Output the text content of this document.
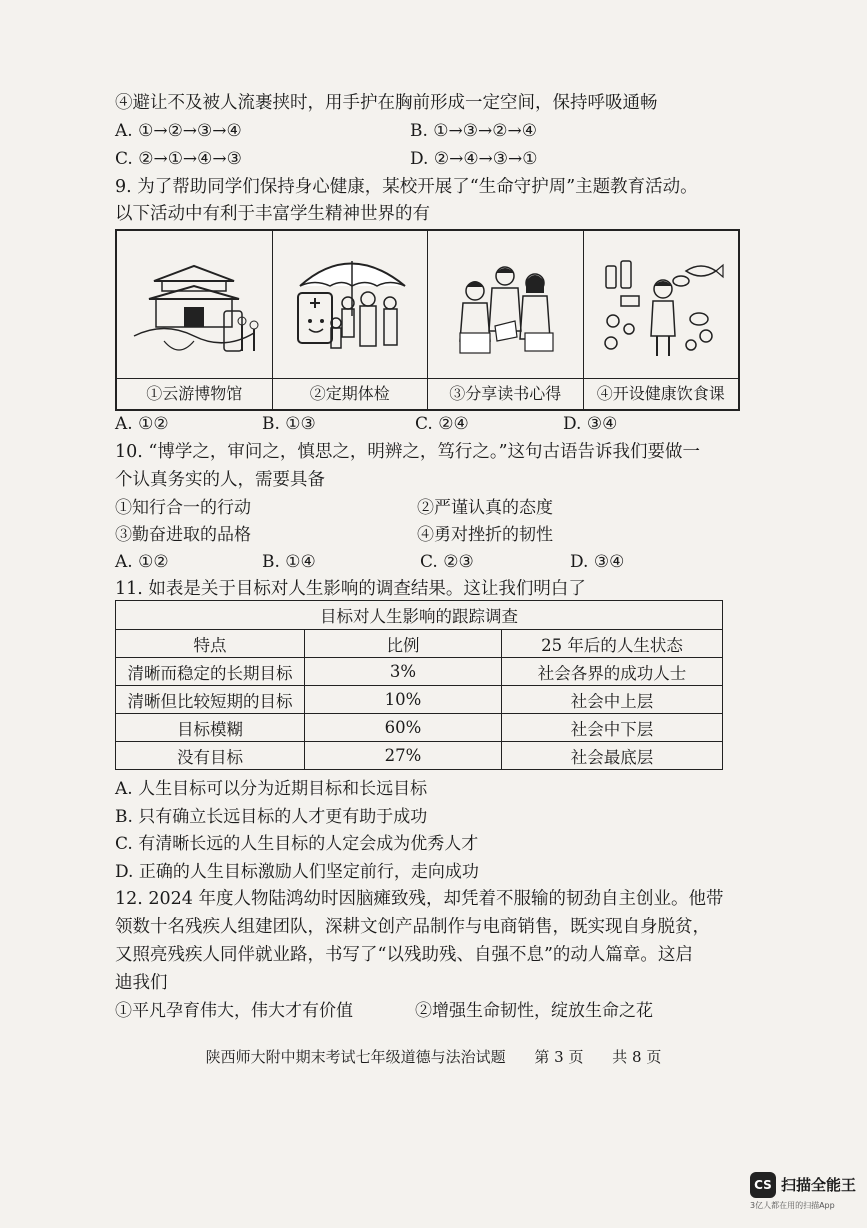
④避让不及被人流裹挟时，用手护在胸前形成一定空间，保持呼吸通畅
A. ①→②→③→④	B. ①→③→②→④
C. ②→①→④→③	D. ②→④→③→①
9. 为了帮助同学们保持身心健康，某校开展了“生命守护周”主题教育活动。
以下活动中有利于丰富学生精神世界的有
①云游博物馆	②定期体检	③分享读书心得	④开设健康饮食课
A. ①②	B. ①③	C. ②④	D. ③④
10. “博学之，审问之，慎思之，明辨之，笃行之。”这句古语告诉我们要做一
个认真务实的人，需要具备
①知行合一的行动	②严谨认真的态度
③勤奋进取的品格	④勇对挫折的韧性
A. ①②	B. ①④	C. ②③	D. ③④
11. 如表是关于目标对人生影响的调查结果。这让我们明白了
目标对人生影响的跟踪调查		
特点	比例	25 年后的人生状态
清晰而稳定的长期目标	3%	社会各界的成功人士
清晰但比较短期的目标	10%	社会中上层
目标模糊	60%	社会中下层
没有目标	27%	社会最底层
A. 人生目标可以分为近期目标和长远目标
B. 只有确立长远目标的人才更有助于成功
C. 有清晰长远的人生目标的人定会成为优秀人才
D. 正确的人生目标激励人们坚定前行，走向成功
12. 2024 年度人物陆鸿幼时因脑瘫致残，却凭着不服输的韧劲自主创业。他带
领数十名残疾人组建团队，深耕文创产品制作与电商销售，既实现自身脱贫，
又照亮残疾人同伴就业路，书写了“以残助残、自强不息”的动人篇章。这启
迪我们
①平凡孕育伟大，伟大才有价值	②增强生命韧性，绽放生命之花
陕西师大附中期末考试七年级道德与法治试题 第 3 页 共 8 页
CS 扫描全能王
3亿人都在用的扫描App
